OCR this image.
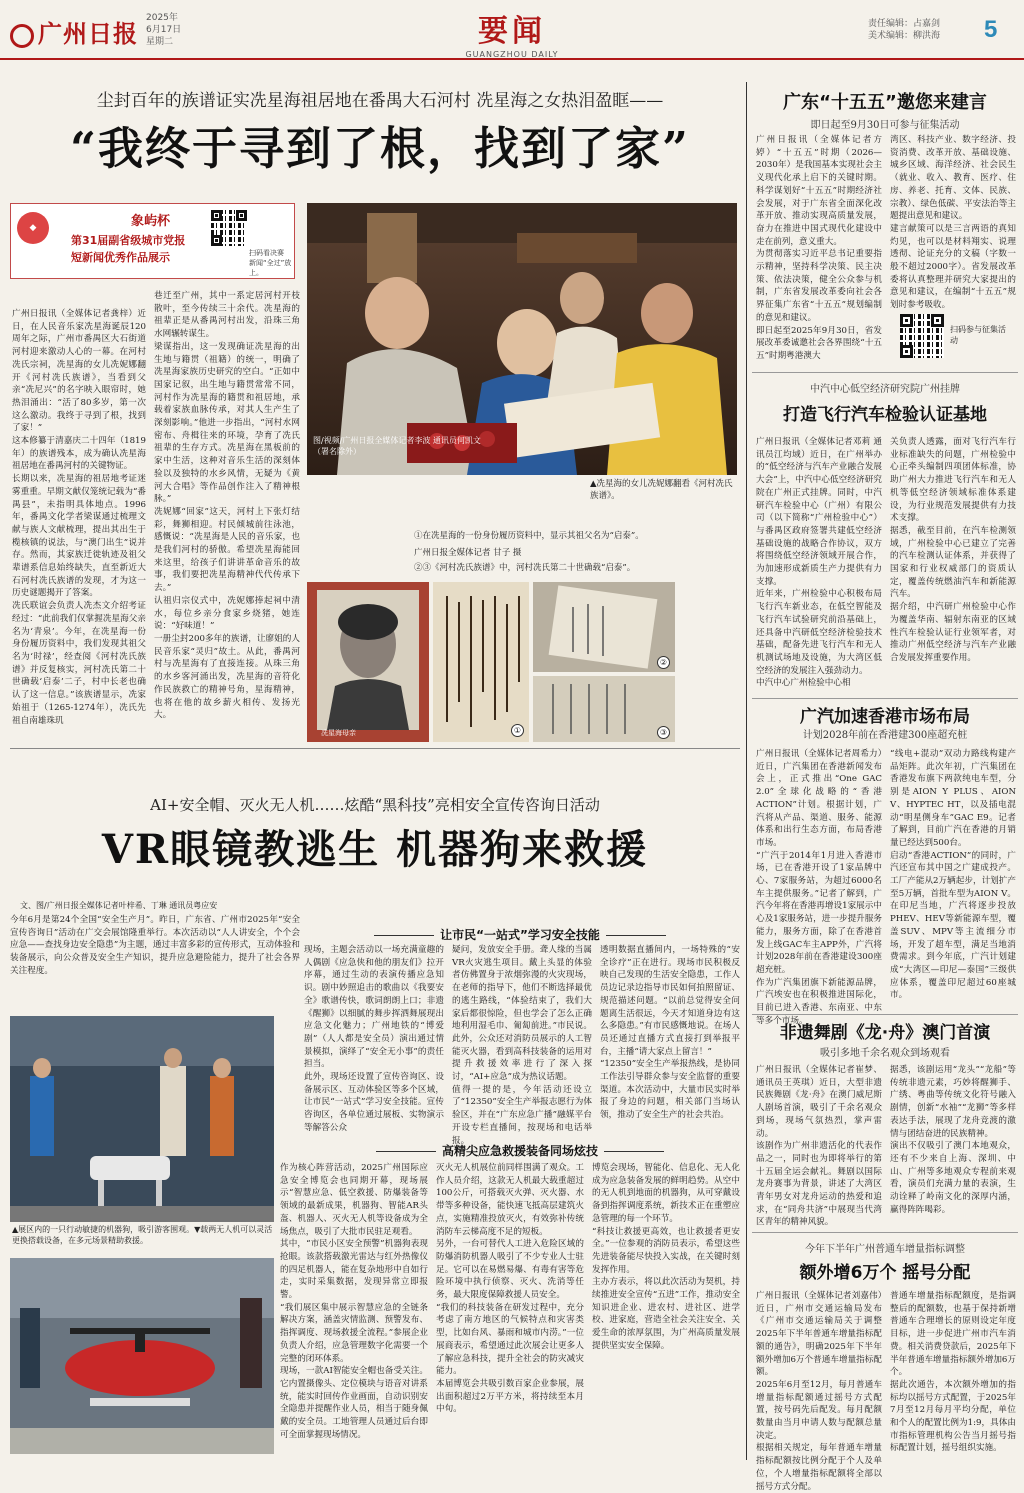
广州日报
2025年
6月17日
星期二	要闻
GUANGZHOU DAILY
责任编辑：占嘉剑
美术编辑：柳洪海 5
尘封百年的族谱证实冼星海祖居地在番禺大石河村 冼星海之女热泪盈眶——
“我终于寻到了根，找到了家”
◆	象屿杯
第31届副省级城市党报
短新闻优秀作品展示	扫码看决赛
新闻“全过”放上。
广州日报讯（全媒体记者龚梓）近日，在人民音乐家冼星海诞辰120周年之际，广州市番禺区大石街道河村迎来激动人心的一幕。在河村冼氏宗祠，冼星海的女儿冼妮娜翻开《河村冼氏族谱》，当看到父亲“冼尼兴”的名字映入眼帘时，她热泪涌出：“活了80多岁，第一次这么激动。我终于寻到了根，找到了家！”
这本修纂于清嘉庆二十四年（1819年）的族谱残本，成为确认冼星海祖居地在番禺河村的关键物证。
长期以来，冼星海的祖居地考证迷雾重重。早期文献仅笼统记载为“番禺县”，未指明具体地点。1996年，番禺文化学者梁谋通过梳理文献与族人文献梳理，提出其出生于榄核镇的说法，与“澳门出生”说并存。然而，其家族迁徙轨迹及祖父辈谱系信息始终缺失，直至新近大石河村冼氏族谱的发现，才为这一历史谜题揭开了答案。
冼氏联谊会负责人冼杰文介绍考证经过：“此前我们仅掌握冼星海父亲名为‘青泉’。今年，在冼星海一份身份履历资料中，我们发现其祖父名为‘时禄’，经查阅《河村冼氏族谱》并反复核实，河村冼氏第二十世确载‘启泰’二子，村中长老也确认了这一信息。”该族谱显示，冼家始祖于（1265-1274年），冼氏先祖自南雄珠玑
巷迁至广州，其中一系定居河村开枝散叶，至今传续三十余代。冼星海的祖辈正是从番禺河村出发，沿珠三角水网辗转谋生。
梁谋指出，这一发现确证冼星海的出生地与籍贯（祖籍）的统一，明确了冼星海家族历史研究的空白。“正如中国家记叙，出生地与籍贯常常不同，河村作为冼星海的籍贯和祖居地，承载着家族血脉传承，对其人生产生了深刻影响。”他进一步指出，“河村水网密布、舟楫往来的环境，孕育了冼氏祖辈的生存方式。冼星海在黑板前的家中生活，这种对音乐生活的深刻体验以及独特的水乡风情，无疑为《黄河大合唱》等作品创作注入了精神根脉。”
冼妮娜“回家”这天，河村上下张灯结彩，舞狮相迎。村民倾城前往泳池，感慨说：“冼星海是人民的音乐家，也是我们河村的骄傲。希望冼星海能回来这里，给孩子们讲讲革命音乐的故事，我们要把冼星海精神代代传承下去。”
认祖归宗仪式中，冼妮娜捧起祠中清水，每位乡亲分食家乡烧猪，她连说：“好味道！”
一册尘封200多年的族谱，让廖姐的人民音乐家“灵归”故土。从此，番禺河村与冼星海有了直接连接。从珠三角的水乡客河涌出发，冼星海的音符化作民族救亡的精神号角，星海精神，也将在他的故乡薪火相传、发扬光大。
图/视频/广州日报全媒体记者李波 通讯员何凯文（署名除外）
▲冼星海的女儿冼妮娜翻看《河村冼氏族谱》。
①在冼星海的一份身份履历资料中，显示其祖父名为“启泰”。
广州日报全媒体记者 甘子 摄
②③《河村冼氏族谱》中，河村冼氏第二十世确载“启泰”。
冼星海母亲	①
②
③
AI+安全帽、灭火无人机……炫酷“黑科技”亮相安全宣传咨询日活动
VR眼镜教逃生 机器狗来救援
文、图/广州日报全媒体记者叶梓希、丁琳 通讯员粤应安
今年6月是第24个全国“安全生产月”。昨日，广东省、广州市2025年“安全宣传咨询日”活动在广交会展馆隆重举行。本次活动以“人人讲安全，个个会应急——查找身边安全隐患”为主题，通过丰富多彩的宣传形式，互动体验和装备展示，向公众普及安全生产知识，提升应急避险能力，提升了社会各界关注程度。
▲展区内的一只行动敏捷的机器狗，吸引游客围观。▼载两无人机可以灵活更换搭载设备，在多元场景精助救援。
让市民“一站式”学习安全技能
现场，主题会活动以一场充满童趣的人偶剧《应急侠和他的朋友们》拉开序幕，通过生动的表演传播应急知识。剧中妙照追击的歌曲以《我要安全》歌谱传快，歌词朗朗上口；非遗《醒狮》以细腻的舞步挥洒舞展现出应急文化魅力；广州地铁的“博爱剧”（人人都是安全员）演出通过情景模拟，演绎了“安全无小事”的责任担当。
此外，现场还设置了宣传咨询区、设备展示区、互动体验区等多个区域，让市民“一站式”学习安全技能。宣传咨询区，各单位通过展板、实物演示等解答公众
疑问，发放安全手册。聋人缘的当属VR火灾逃生项目。戴上头显的体验者仿佛置身于浓烟弥漫的火灾现场，在老师的指导下，他们不断选择最优的逃生路线，“体验结束了，我们大家后都很惊险，但也学会了怎么正确地利用湿毛巾、匍匐前进。”市民说。此外，公众还对消防员展示的人工智能灭火器，看到高科技装备的运用对提升救援效率进行了深入探讨，“AI+应急”成为热议话题。
值得一提的是，今年活动还设立了“12350”安全生产举报志愿行为体验区，并在“广东应急广播”融媒平台开设专栏直播间，按现场和电话举报。
透明数据直播间内，一场特殊的“安全诊疗”正在进行。现场市民积极反映自己发现的生活安全隐患，工作人员边记录边指导市民如何拍照留证、规范描述问题。“以前总觉得安全问题离生活很远，今天才知道身边有这么多隐患。”有市民感慨地说。在场人员还通过直播方式直接打到举报平台，主播“请大家点上留言！”
“12350”安全生产举报热线，是协同工作法引导群众参与安全监督的重要渠道。本次活动中，大量市民实时举报了身边的问题，相关部门当场认领，推动了安全生产的社会共治。
高精尖应急救援装备同场炫技
作为核心阵营活动，2025广州国际应急安全博览会也同期开幕，现场展示“智慧应急、低空救援、防爆装备等领域的最新成果，机器狗、智能AR头盔、机器人、灭火无人机等设备成为全场焦点，吸引了大批市民驻足观看。
其中，“市民小区安全预警”机器狗表现抢眼。该款搭载激光雷达与红外热像仪的四足机器人，能在复杂地形中自如行走，实时采集数据，发现异常立即报警。
“我们展区集中展示智慧应急的全链条解决方案，涵盖灾情监测、预警发布、指挥调度、现场救援全流程。”参展企业负责人介绍，应急管理数字化需要一个完整的闭环体系。
现场，一款AI智能安全帽也备受关注。它内置摄像头、定位模块与语音对讲系统，能实时回传作业画面，自动识别安全隐患并提醒作业人员，相当于随身佩戴的安全员。工地管理人员通过后台即可全面掌握现场情况。
灭火无人机展位前同样围满了观众。工作人员介绍，这款无人机最大载重超过100公斤，可搭载灭火弹、灭火器、水带等多种设备，能快速飞抵高层建筑火点，实施精准投放灭火，有效弥补传统消防车云梯高度不足的短板。
另外，一台可替代人工进入危险区域的防爆消防机器人吸引了不少专业人士驻足。它可以在易燃易爆、有毒有害等危险环境中执行侦察、灭火、洗消等任务，最大限度保障救援人员安全。
“我们的科技装备在研发过程中，充分考虑了南方地区的气候特点和灾害类型，比如台风、暴雨和城市内涝。”一位展商表示，希望通过此次展会让更多人了解应急科技，提升全社会的防灾减灾能力。
本届博览会共吸引数百家企业参展，展出面积超过2万平方米，将持续至本月中旬。
博览会现场，智能化、信息化、无人化成为应急装备发展的鲜明趋势。从空中的无人机到地面的机器狗，从可穿戴设备到指挥调度系统，新技术正在重塑应急管理的每一个环节。
“科技让救援更高效，也让救援者更安全。”一位参观的消防员表示，希望这些先进装备能尽快投入实战，在关键时刻发挥作用。
主办方表示，将以此次活动为契机，持续推进安全宣传“五进”工作，推动安全知识进企业、进农村、进社区、进学校、进家庭，营造全社会关注安全、关爱生命的浓厚氛围，为广州高质量发展提供坚实安全保障。
广东“十五五”邀您来建言
即日起至9月30日可参与征集活动
广州日报讯（全媒体记者方婷）“十五五”时期（2026—2030年）是我国基本实现社会主义现代化承上启下的关键时期。科学谋划好“十五五”时期经济社会发展，对于广东省全面深化改革开放、推动实现高质量发展，奋力在推进中国式现代化建设中走在前列，意义重大。
为贯彻落实习近平总书记重要指示精神，坚持科学决策、民主决策、依法决策，健全公众参与机制，广东省发展改革委向社会各界征集广东省“十五五”规划编制的意见和建议。
即日起至2025年9月30日，省发展改革委诚邀社会各界围绕“十五五”时期粤港澳大
湾区、科技产业、数字经济、投资消费、改革开放、基础设施、城乡区域、海洋经济、社会民生（就业、收入、教育、医疗、住房、养老、托育、文体、民族、宗教）、绿色低碳、平安法治等主题提出意见和建议。
建言献策可以是三言两语的真知灼见，也可以是材料翔实、说理透彻、论证充分的文稿（字数一般不超过2000字）。省发展改革委将认真整理并研究大家提出的意见和建议，在编制“十五五”规划时参考吸收。
扫码参与征集活动
中汽中心低空经济研究院广州挂牌
打造飞行汽车检验认证基地
广州日报讯（全媒体记者邓莉 通讯员江均域）近日，在广州举办的“低空经济与汽车产业融合发展大会”上，中汽中心低空经济研究院在广州正式挂牌。同时，中汽研汽车检验中心（广州）有限公司（以下简称“广州检验中心”）与番禺区政府签署共建低空经济基础设施的战略合作协议，双方将围绕低空经济领域开展合作，为加速形成新质生产力提供有力支撑。
近年来，广州检验中心积极布局飞行汽车新业态，在低空智能及飞行汽车试验研究前沿基础上，还具备中汽研低空经济检验技术基础，配备先进飞行汽车和无人机测试场地及设施，为大湾区低空经济的发展注入强劲动力。
中汽中心广州检验中心相
关负责人透露，面对飞行汽车行业标准缺失的问题，广州检验中心正牵头编制四项团体标准，协助广州大力推进飞行汽车和无人机等低空经济领域标准体系建设，为行业规范发展提供有力技术支撑。
据悉，截至目前，在汽车检测领域，广州检验中心已建立了完善的汽车检测认证体系，并获得了国家和行业权威部门的资质认定，覆盖传统燃油汽车和新能源汽车。
据介绍，中汽研广州检验中心作为覆盖华南、辐射东南亚的区域性汽车检验认证行业领军者，对推动广州低空经济与汽车产业融合发展发挥重要作用。
广汽加速香港市场布局
计划2028年前在香港建300座超充桩
广州日报讯（全媒体记者周希力）近日，广汽集团在香港新闻发布会上，正式推出“One GAC 2.0”全球化战略的“香港ACTION”计划。根据计划，广汽将从产品、渠道、服务、能源体系和出行生态方面，布局香港市场。
“广汽于2014年1月进入香港市场，已在香港开设了1家品牌中心、7家服务站，为超过6000名车主提供服务。”记者了解到，广汽今年将在香港再增设1家展示中心及1家服务站，进一步提升服务能力，服务方面，除了在香港首发上线GAC车主APP外，广汽将计划2028年前在香港建设300座超充桩。
作为广汽集团旗下新能源品牌，广汽埃安也在积极推进国际化，目前已进入香港、东南亚、中东等多个市场。
“线电+混动”双动力路线构建产品矩阵。此次年初，广汽集团在香港发布旗下两款纯电车型，分别是AION Y PLUS、AION V、HYPTEC HT，以及插电混动“明星侧身车”GAC E9。记者了解到，目前广汽在香港的月销量已经达到500台。
启动“香港ACTION”的同时，广汽还宣布其中国之广建成投产。工厂产能从2万辆起步，计划扩产至5万辆，首批车型为AION V。在印尼当地，广汽将逐步投放PHEV、HEV等新能源车型，覆盖SUV、MPV等主流细分市场，开发了超车型，满足当地消费需求。到今年底，广汽计划建成“大湾区—印尼—泰国”三级供应体系，覆盖印尼超过60座城市。
非遗舞剧《龙·舟》澳门首演
吸引多地千余名观众到场观看
广州日报讯（全媒体记者崔梦、通讯员王英琪）近日，大型非遗民族舞剧《龙·舟》在澳门威尼斯人剧场首演，吸引了千余名观众到场，现场气氛热烈，掌声雷动。
该剧作为广州非遗活化的代表作品之一，同时也为即将举行的第十五届全运会献礼。舞剧以国际龙舟赛事为背景，讲述了大湾区青年男女对龙舟运动的热爱和追求，在“同舟共济”中展现当代湾区青年的精神风貌。
据悉，该剧运用“龙头”“龙船”等传统非遗元素，巧妙将醒狮手、广绣、粤曲等传统文化符号融入剧情，创新“水袖”“龙狮”等多样表达手法，展现了龙舟竞渡的激情与团结奋进的民族精神。
演出不仅吸引了澳门本地观众，还有不少来自上海、深圳、中山、广州等多地观众专程前来观看，演员们充满力量的表演，生动诠释了岭南文化的深厚内涵，赢得阵阵喝彩。
今年下半年广州普通车增量指标调整
额外增6万个 摇号分配
广州日报讯（全媒体记者刘嘉伟）近日，广州市交通运输局发布《广州市交通运输局关于调整2025年下半年普通车增量指标配额的通告》，明确2025年下半年额外增加6万个普通车增量指标配额。
2025年6月至12月，每月普通车增量指标配额通过摇号方式配置，按号码先后配发。每月配额数量由当月申请人数与配额总量决定。
根据相关规定，每年普通车增量指标配额按比例分配于个人及单位，个人增量指标配额将全部以摇号方式分配。
普通车增量指标配额度，是指调整后的配额数，也基于保持新增普通车合理增长的原则设定年度目标，进一步促进广州市汽车消费。相关消费贷款后，2025年下半年普通车增量指标额外增加6万个。
据此次通告，本次额外增加的指标均以摇号方式配置，于2025年7月至12月每月平均分配，单位和个人的配置比例为1:9，具体由市指标管理机构公告当月摇号指标配置计划，摇号组织实施。
